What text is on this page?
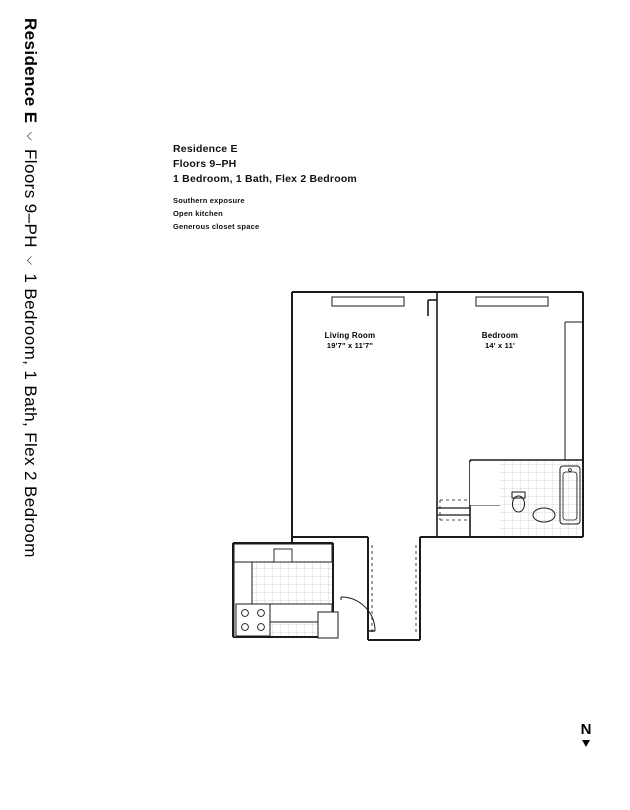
Residence E⌵Floors 9–PH⌵1 Bedroom, 1 Bath, Flex 2 Bedroom
Residence E
Floors 9–PH
1 Bedroom, 1 Bath, Flex 2 Bedroom
Southern exposure
Open kitchen
Generous closet space
Living Room
19'7" x 11'7"
Bedroom
14' x 11'
N
